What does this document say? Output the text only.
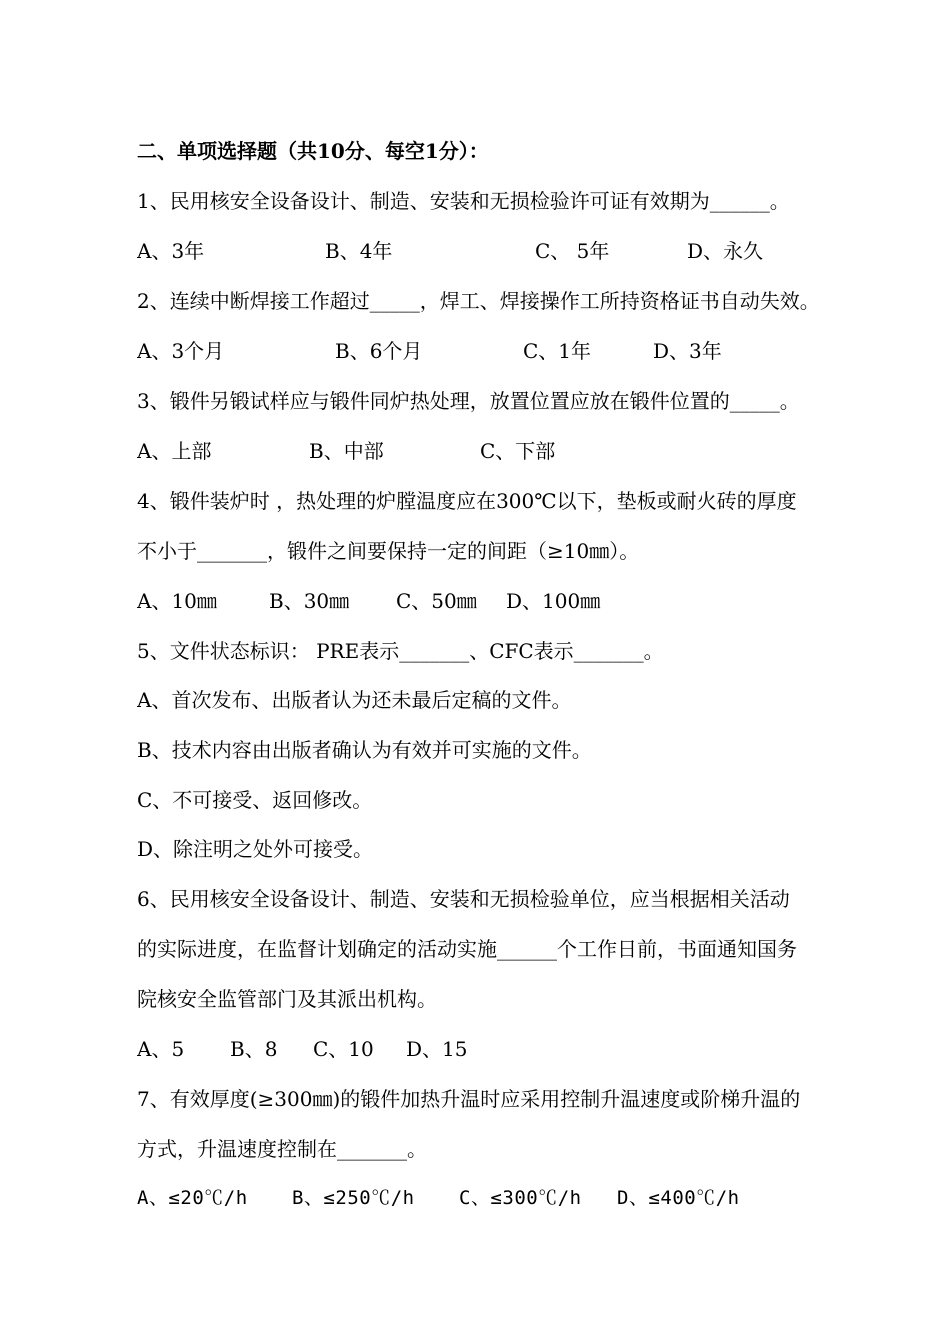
二、单项选择题（共10分、每空1分）：
1、民用核安全设备设计、制造、安装和无损检验许可证有效期为______。
A、3年	B、4年	C、 5年	D、永久
2、连续中断焊接工作超过_____，焊工、焊接操作工所持资格证书自动失效。
A、3个月	B、6个月	C、1年	D、3年
3、锻件另锻试样应与锻件同炉热处理，放置位置应放在锻件位置的_____。
A、上部	B、中部	C、下部
4、锻件装炉时 ，热处理的炉膛温度应在300℃以下，垫板或耐火砖的厚度
不小于_______，锻件之间要保持一定的间距（≥10㎜）。
A、10㎜	B、30㎜ C、50㎜ D、100㎜
5、文件状态标识： PRE表示_______、CFC表示_______。
A、首次发布、出版者认为还未最后定稿的文件。
B、技术内容由出版者确认为有效并可实施的文件。
C、不可接受、返回修改。
D、除注明之处外可接受。
6、民用核安全设备设计、制造、安装和无损检验单位，应当根据相关活动
的实际进度，在监督计划确定的活动实施______个工作日前，书面通知国务
院核安全监管部门及其派出机构。
A、5 B、8 C、10 D、15
7、有效厚度(≥300㎜)的锻件加热升温时应采用控制升温速度或阶梯升温的
方式，升温速度控制在_______。
A、≤20℃/h B、≤250℃/h C、≤300℃/h D、≤400℃/h
